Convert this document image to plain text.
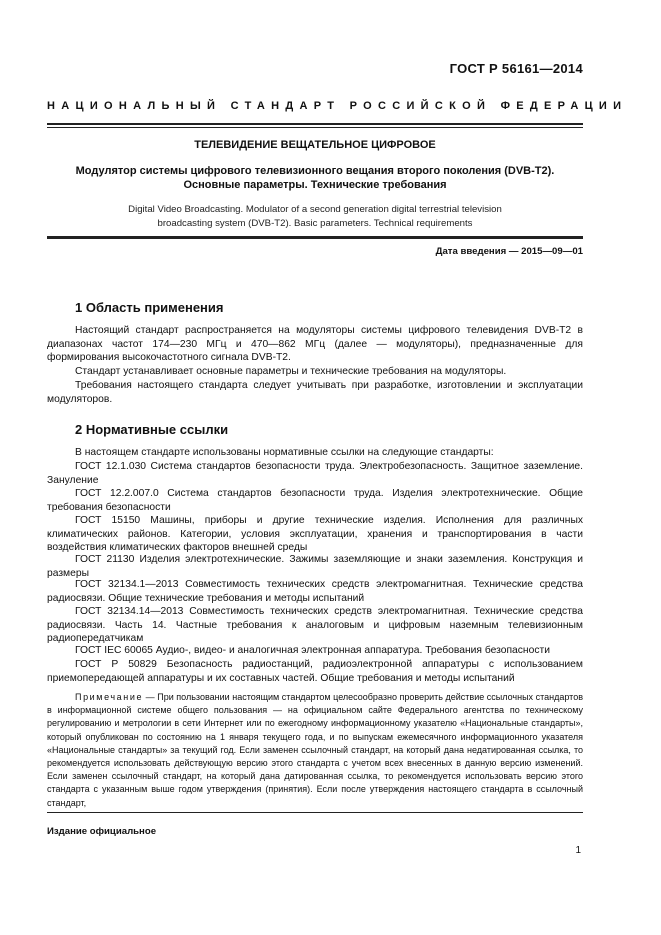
ГОСТ Р 56161—2014
НАЦИОНАЛЬНЫЙ СТАНДАРТ РОССИЙСКОЙ ФЕДЕРАЦИИ
ТЕЛЕВИДЕНИЕ ВЕЩАТЕЛЬНОЕ ЦИФРОВОЕ
Модулятор системы цифрового телевизионного вещания второго поколения (DVB-T2).
Основные параметры. Технические требования
Digital Video Broadcasting. Modulator of a second generation digital terrestrial television
broadcasting system (DVB-T2). Basic parameters. Technical requirements
Дата введения — 2015—09—01
1 Область применения

Настоящий стандарт распространяется на модуляторы системы цифрового телевидения DVB-T2 в диапазонах частот 174—230 МГц и 470—862 МГц (далее — модуляторы), предназначенные для формирования высокочастотного сигнала DVB-T2.

Стандарт устанавливает основные параметры и технические требования на модуляторы.

Требования настоящего стандарта следует учитывать при разработке, изготовлении и эксплуатации модуляторов.

2 Нормативные ссылки

В настоящем стандарте использованы нормативные ссылки на следующие стандарты:

ГОСТ 12.1.030 Система стандартов безопасности труда. Электробезопасность. Защитное заземление. Зануление

ГОСТ 12.2.007.0 Система стандартов безопасности труда. Изделия электротехнические. Общие требования безопасности

ГОСТ 15150 Машины, приборы и другие технические изделия. Исполнения для различных климатических районов. Категории, условия эксплуатации, хранения и транспортирования в части воздействия климатических факторов внешней среды

ГОСТ 21130 Изделия электротехнические. Зажимы заземляющие и знаки заземления. Конструкция и размеры

ГОСТ 32134.1—2013 Совместимость технических средств электромагнитная. Технические средства радиосвязи. Общие технические требования и методы испытаний

ГОСТ 32134.14—2013 Совместимость технических средств электромагнитная. Технические средства радиосвязи. Часть 14. Частные требования к аналоговым и цифровым наземным телевизионным радиопередатчикам

ГОСТ IEC 60065 Аудио-, видео- и аналогичная электронная аппаратура. Требования безопасности

ГОСТ Р 50829 Безопасность радиостанций, радиоэлектронной аппаратуры с использованием приемопередающей аппаратуры и их составных частей. Общие требования и методы испытаний

Примечание — При пользовании настоящим стандартом целесообразно проверить действие ссылочных стандартов в информационной системе общего пользования — на официальном сайте Федерального агентства по техническому регулированию и метрологии в сети Интернет или по ежегодному информационному указателю «Национальные стандарты», который опубликован по состоянию на 1 января текущего года, и по выпускам ежемесячного информационного указателя «Национальные стандарты» за текущий год. Если заменен ссылочный стандарт, на который дана недатированная ссылка, то рекомендуется использовать действующую версию этого стандарта с учетом всех внесенных в данную версию изменений. Если заменен ссылочный стандарт, на который дана датированная ссылка, то рекомендуется использовать версию этого стандарта с указанным выше годом утверждения (принятия). Если после утверждения настоящего стандарта в ссылочный стандарт,

Издание официальное
1
